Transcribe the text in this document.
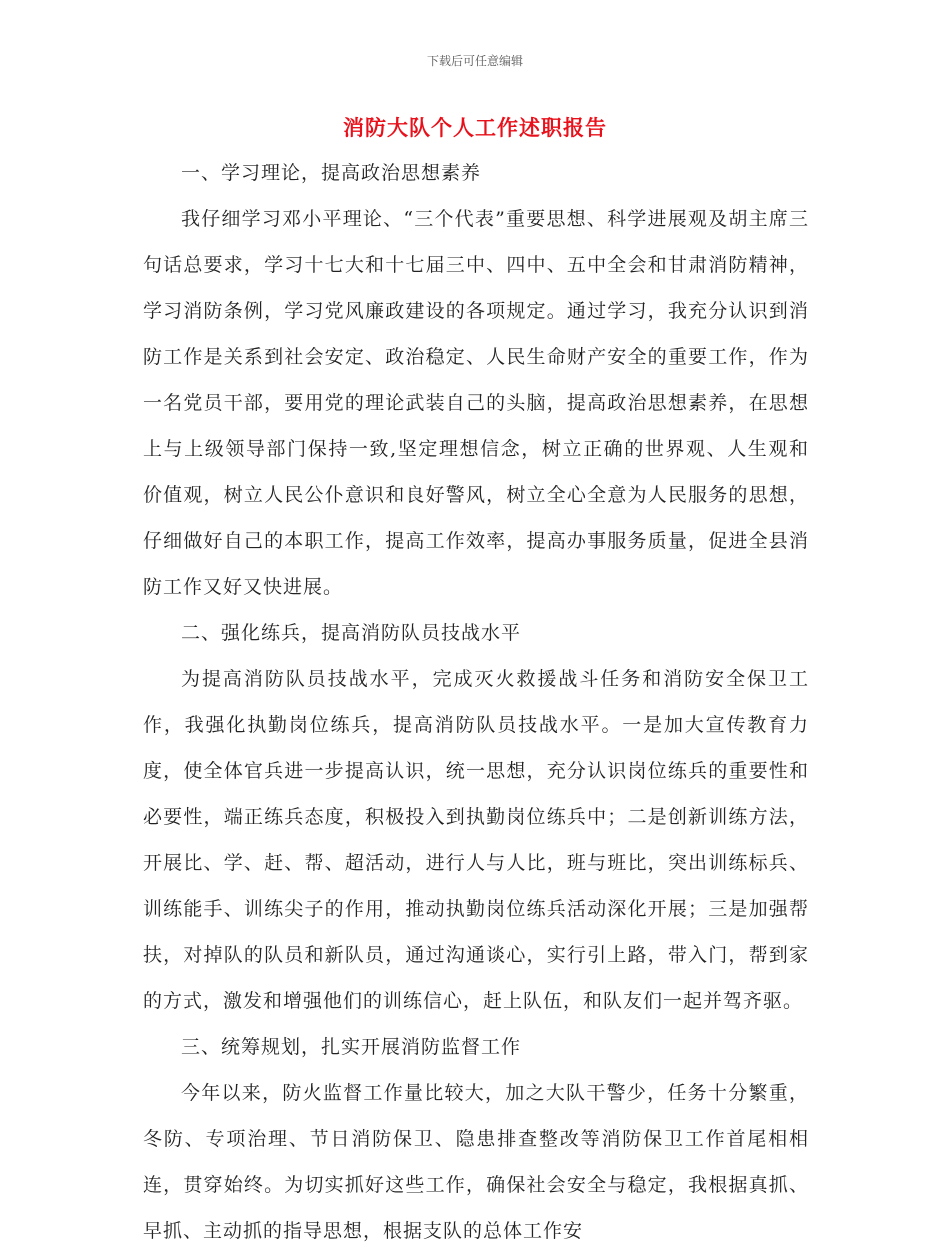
下载后可任意编辑
消防大队个人工作述职报告

一、学习理论，提高政治思想素养

我仔细学习邓小平理论、“三个代表”重要思想、科学进展观及胡主席三句话总要求，学习十七大和十七届三中、四中、五中全会和甘肃消防精神，学习消防条例，学习党风廉政建设的各项规定。通过学习，我充分认识到消防工作是关系到社会安定、政治稳定、人民生命财产安全的重要工作，作为一名党员干部，要用党的理论武装自己的头脑，提高政治思想素养，在思想上与上级领导部门保持一致,坚定理想信念，树立正确的世界观、人生观和价值观，树立人民公仆意识和良好警风，树立全心全意为人民服务的思想，仔细做好自己的本职工作，提高工作效率，提高办事服务质量，促进全县消防工作又好又快进展。

二、强化练兵，提高消防队员技战水平

为提高消防队员技战水平，完成灭火救援战斗任务和消防安全保卫工作，我强化执勤岗位练兵，提高消防队员技战水平。一是加大宣传教育力度，使全体官兵进一步提高认识，统一思想，充分认识岗位练兵的重要性和必要性，端正练兵态度，积极投入到执勤岗位练兵中；二是创新训练方法，开展比、学、赶、帮、超活动，进行人与人比，班与班比，突出训练标兵、训练能手、训练尖子的作用，推动执勤岗位练兵活动深化开展；三是加强帮扶，对掉队的队员和新队员，通过沟通谈心，实行引上路，带入门，帮到家的方式，激发和增强他们的训练信心，赶上队伍，和队友们一起并驾齐驱。

三、统筹规划，扎实开展消防监督工作

今年以来，防火监督工作量比较大，加之大队干警少，任务十分繁重，冬防、专项治理、节日消防保卫、隐患排查整改等消防保卫工作首尾相相连，贯穿始终。为切实抓好这些工作，确保社会安全与稳定，我根据真抓、早抓、主动抓的指导思想，根据支队的总体工作安
